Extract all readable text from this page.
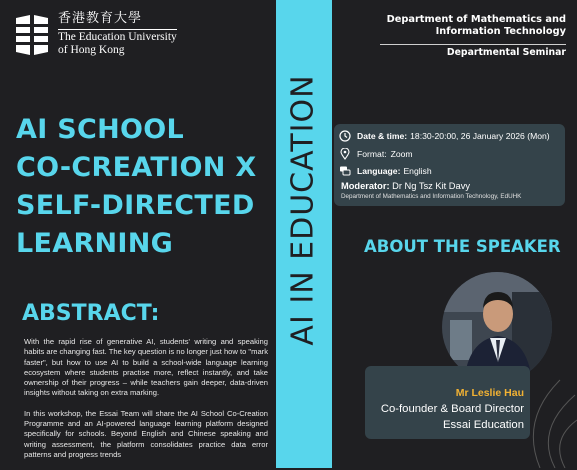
香港教育大學
The Education University
of Hong Kong
AI SCHOOL
CO-CREATION X
SELF-DIRECTED
LEARNING
ABSTRACT:

With the rapid rise of generative AI, students' writing and speaking habits are changing fast. The key question is no longer just how to "mark faster", but how to use AI to build a school-wide language learning ecosystem where students practise more, reflect instantly, and take ownership of their progress – while teachers gain deeper, data-driven insights without taking on extra marking.

In this workshop, the Essai Team will share the AI School Co-Creation Programme and an AI-powered language learning platform designed specifically for schools. Beyond English and Chinese speaking and writing assessment, the platform consolidates practice data error patterns and progress trends

AI IN EDUCATION
Department of Mathematics and
Information Technology
Departmental Seminar
Date & time: 18:30-20:00, 26 January 2026 (Mon)
Format: Zoom
Language: English
Moderator: Dr Ng Tsz Kit Davy
Department of Mathematics and Information Technology, EdUHK
ABOUT THE SPEAKER
Mr Leslie Hau
Co-founder & Board Director
Essai Education
